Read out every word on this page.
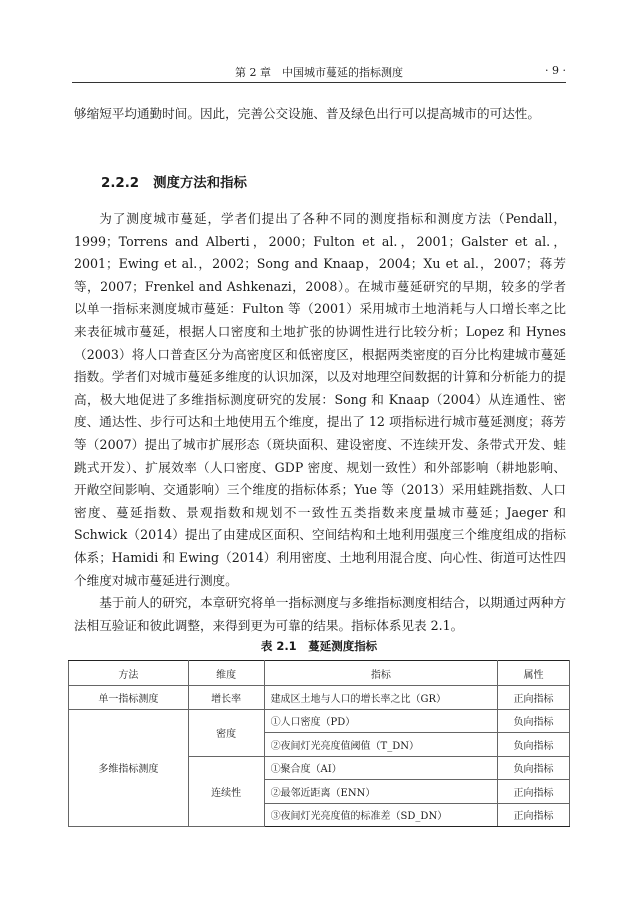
第 2 章　中国城市蔓延的指标测度	· 9 ·

够缩短平均通勤时间。因此，完善公交设施、普及绿色出行可以提高城市的可达性。

2.2.2 测度方法和指标

为了测度城市蔓延，学者们提出了各种不同的测度指标和测度方法（Pendall，1999；Torrens and Alberti，2000；Fulton et al.，2001；Galster et al.，2001；Ewing et al.，2002；Song and Knaap，2004；Xu et al.，2007；蒋芳等，2007；Frenkel and Ashkenazi，2008）。在城市蔓延研究的早期，较多的学者以单一指标来测度城市蔓延：Fulton 等（2001）采用城市土地消耗与人口增长率之比来表征城市蔓延，根据人口密度和土地扩张的协调性进行比较分析；Lopez 和 Hynes（2003）将人口普查区分为高密度区和低密度区，根据两类密度的百分比构建城市蔓延指数。学者们对城市蔓延多维度的认识加深，以及对地理空间数据的计算和分析能力的提高，极大地促进了多维指标测度研究的发展：Song 和 Knaap（2004）从连通性、密度、通达性、步行可达和土地使用五个维度，提出了 12 项指标进行城市蔓延测度；蒋芳等（2007）提出了城市扩展形态（斑块面积、建设密度、不连续开发、条带式开发、蛙跳式开发）、扩展效率（人口密度、GDP 密度、规划一致性）和外部影响（耕地影响、开敞空间影响、交通影响）三个维度的指标体系；Yue 等（2013）采用蛙跳指数、人口密度、蔓延指数、景观指数和规划不一致性五类指数来度量城市蔓延；Jaeger 和 Schwick（2014）提出了由建成区面积、空间结构和土地利用强度三个维度组成的指标体系；Hamidi 和 Ewing（2014）利用密度、土地利用混合度、向心性、街道可达性四个维度对城市蔓延进行测度。

基于前人的研究，本章研究将单一指标测度与多维指标测度相结合，以期通过两种方法相互验证和彼此调整，来得到更为可靠的结果。指标体系见表 2.1。

表 2.1　蔓延测度指标
方法	维度	指标	属性
单一指标测度	增长率	建成区土地与人口的增长率之比（GR）	正向指标
多维指标测度	密度	①人口密度（PD）	负向指标
		②夜间灯光亮度值阈值（T_DN）	负向指标
	连续性	①聚合度（AI）	负向指标
		②最邻近距离（ENN）	正向指标
		③夜间灯光亮度值的标准差（SD_DN）	正向指标
